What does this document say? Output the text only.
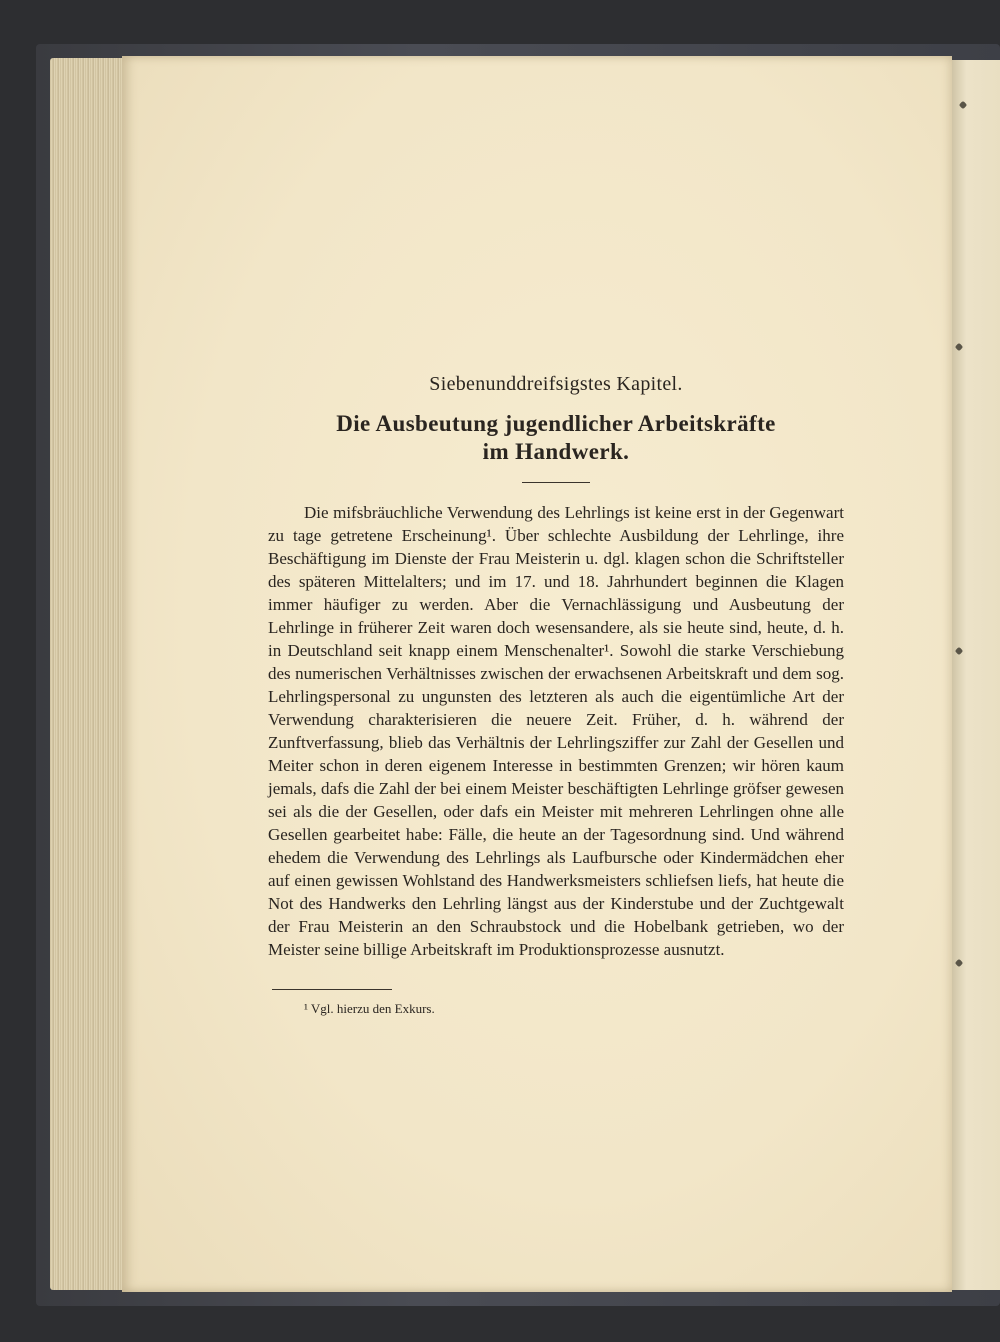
Siebenunddreifsigstes Kapitel.

Die Ausbeutung jugendlicher Arbeitskräfte
im Handwerk.

Die mifsbräuchliche Verwendung des Lehrlings ist keine erst in der Gegenwart zu tage getretene Erscheinung¹. Über schlechte Ausbildung der Lehrlinge, ihre Beschäftigung im Dienste der Frau Meisterin u. dgl. klagen schon die Schriftsteller des späteren Mittelalters; und im 17. und 18. Jahrhundert beginnen die Klagen immer häufiger zu werden. Aber die Vernachlässigung und Ausbeutung der Lehrlinge in früherer Zeit waren doch wesensandere, als sie heute sind, heute, d. h. in Deutschland seit knapp einem Menschenalter¹. Sowohl die starke Verschiebung des numerischen Verhältnisses zwischen der erwachsenen Arbeitskraft und dem sog. Lehrlingspersonal zu ungunsten des letzteren als auch die eigentümliche Art der Verwendung charakterisieren die neuere Zeit. Früher, d. h. während der Zunftverfassung, blieb das Verhältnis der Lehrlingsziffer zur Zahl der Gesellen und Meiter schon in deren eigenem Interesse in bestimmten Grenzen; wir hören kaum jemals, dafs die Zahl der bei einem Meister beschäftigten Lehrlinge gröfser gewesen sei als die der Gesellen, oder dafs ein Meister mit mehreren Lehrlingen ohne alle Gesellen gearbeitet habe: Fälle, die heute an der Tagesordnung sind. Und während ehedem die Verwendung des Lehrlings als Laufbursche oder Kindermädchen eher auf einen gewissen Wohlstand des Handwerksmeisters schliefsen liefs, hat heute die Not des Handwerks den Lehrling längst aus der Kinderstube und der Zuchtgewalt der Frau Meisterin an den Schraubstock und die Hobelbank getrieben, wo der Meister seine billige Arbeitskraft im Produktionsprozesse ausnutzt.

¹ Vgl. hierzu den Exkurs.
